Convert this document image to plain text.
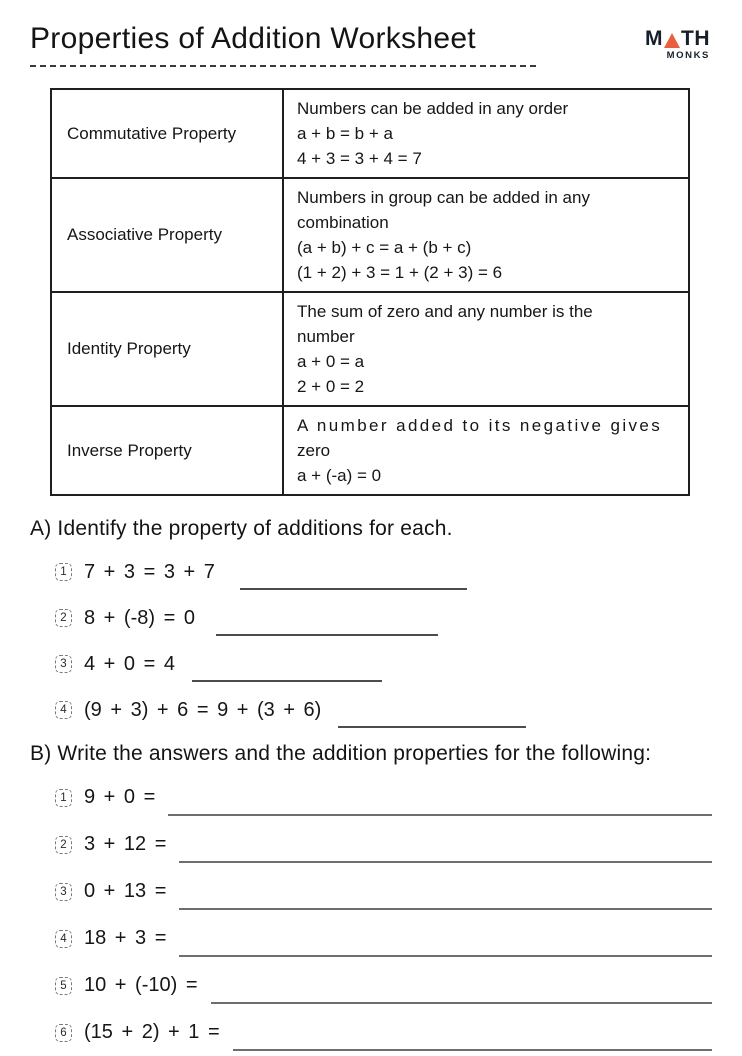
Properties of Addition Worksheet	M TH
MONKS
Commutative Property	Numbers can be added in any order
a + b = b + a
4 + 3 = 3 + 4 = 7

Associative Property	Numbers in group can be added in any
combination
(a + b) + c = a + (b + c)
(1 + 2) + 3 = 1 + (2 + 3) = 6

Identity Property	The sum of zero and any number is the
number
a + 0 = a
2 + 0 = 2

Inverse Property	A number added to its negative gives
zero
a + (-a) = 0
A) Identify the property of additions for each.
1 7 + 3 = 3 + 7
2 8 + (-8) = 0
3 4 + 0 = 4
4 (9 + 3) + 6 = 9 + (3 + 6)
B) Write the answers and the addition properties for the following:
1 9 + 0 =
2 3 + 12 =
3 0 + 13 =
4 18 + 3 =
5 10 + (-10) =
6 (15 + 2) + 1 =
